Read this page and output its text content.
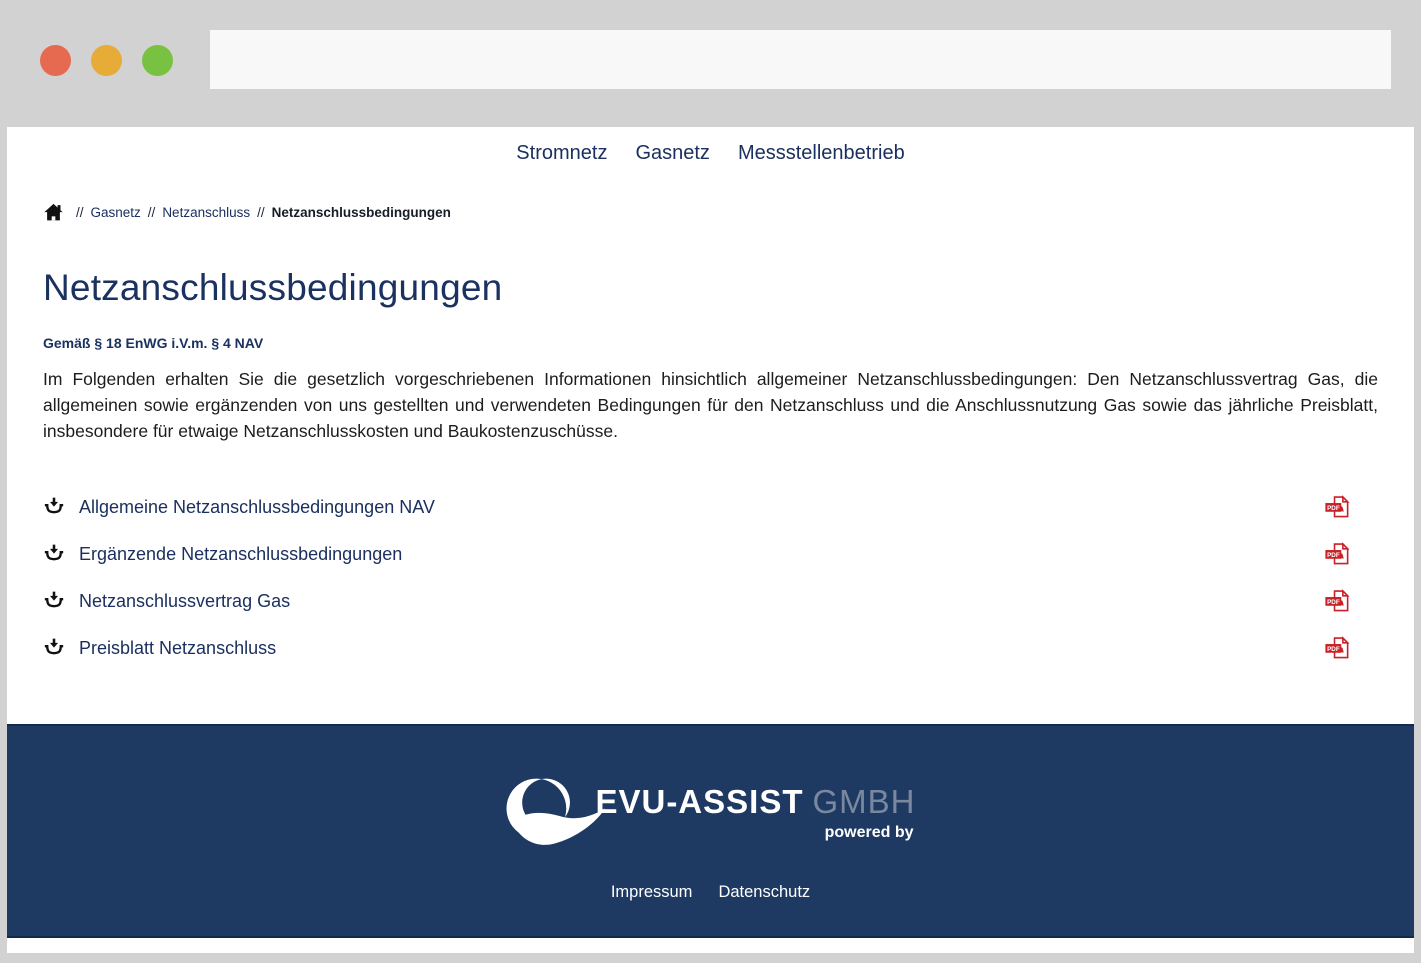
Stromnetz Gasnetz Messstellenbetrieb
// Gasnetz // Netzanschluss // Netzanschlussbedingungen
Netzanschlussbedingungen
Gemäß § 18 EnWG i.V.m. § 4 NAV

Im Folgenden erhalten Sie die gesetzlich vorgeschriebenen Informationen hinsichtlich allgemeiner Netzanschlussbedingungen: Den Netzanschlussvertrag Gas, die allgemeinen sowie ergänzenden von uns gestellten und verwendeten Bedingungen für den Netzanschluss und die Anschlussnutzung Gas sowie das jährliche Preisblatt, insbesondere für etwaige Netzanschlusskosten und Baukostenzuschüsse.

Allgemeine Netzanschlussbedingungen NAV	PDF
Ergänzende Netzanschlussbedingungen	PDF
Netzanschlussvertrag Gas	PDF
Preisblatt Netzanschluss	PDF
EVU-ASSIST GMBH
powered by
Impressum Datenschutz
